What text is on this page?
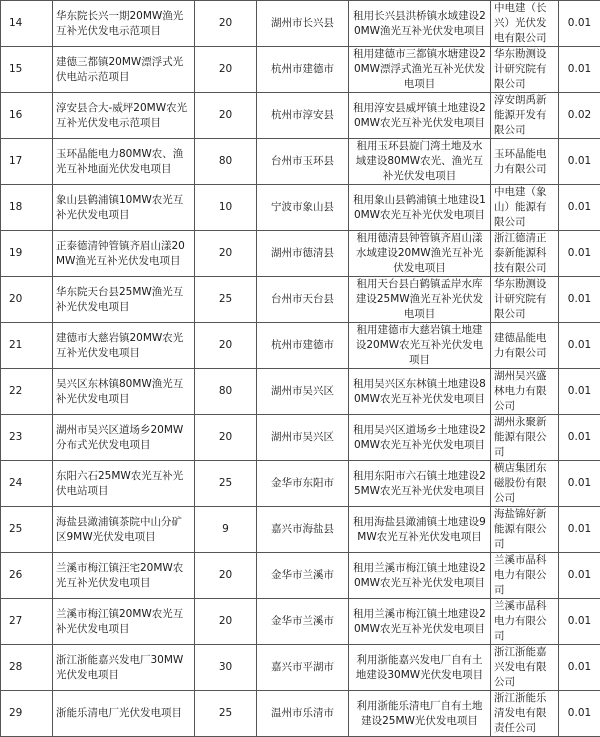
14	华东院长兴一期20MW渔光互补光伏发电示范项目	20	湖州市长兴县	租用长兴县洪桥镇水域建设20MW渔光互补光伏发电项目	中电建（长兴）光伏发电有限公司	0.01
15	建德三都镇20MW漂浮式光伏电站示范项目	20	杭州市建德市	租用建德市三都镇水塘建设20MW漂浮式渔光互补光伏发电项目	华东勘测设计研究院有限公司	0.01
16	淳安县合大-威坪20MW农光互补光伏发电示范项目	20	杭州市淳安县	租用淳安县威坪镇土地建设20MW农光互补光伏发电项目	淳安朗禹新能源开发有限公司	0.02
17	玉环晶能电力80MW农、渔光互补地面光伏发电项目	80	台州市玉环县	租用玉环县旋门湾土地及水域建设80MW农光、渔光互补光伏发电项目	玉环晶能电力有限公司	0.01
18	象山县鹤浦镇10MW农光互补光伏发电项目	10	宁波市象山县	租用象山县鹤浦镇土地建设10MW农光互补光伏发电项目	中电建（象山）能源有限公司	0.01
19	正泰德清钟管镇齐眉山漾20MW渔光互补光伏发电项目	20	湖州市德清县	租用德清县钟管镇齐眉山漾水域建设20MW渔光互补光伏发电项目	浙江德清正泰新能源科技有限公司	0.01
20	华东院天台县25MW渔光互补光伏发电项目	25	台州市天台县	租用天台县白鹤镇孟岸水库建设25MW渔光互补光伏发电项目	华东勘测设计研究院有限公司	0.01
21	建德市大慈岩镇20MW农光互补光伏发电项目	20	杭州市建德市	租用建德市大慈岩镇土地建设20MW农光互补光伏发电项目	建德晶能电力有限公司	0.01
22	吴兴区东林镇80MW渔光互补光伏发电项目	80	湖州市吴兴区	租用吴兴区东林镇土地建设80MW农光互补光伏发电项目	湖州吴兴盛林电力有限公司	0.01
23	湖州市吴兴区道场乡20MW分布式光伏发电项目	20	湖州市吴兴区	租用吴兴区道场乡土地建设20MW农光互补光伏发电项目	湖州永聚新能源有限公司	0.01
24	东阳六石25MW农光互补光伏电站项目	25	金华市东阳市	租用东阳市六石镇土地建设25MW农光互补光伏发电项目	横店集团东磁股份有限公司	0.01
25	海盐县澉浦镇茶院中山分矿区9MW光伏发电项目	9	嘉兴市海盐县	租用海盐县澉浦镇土地建设9MW农光互补光伏发电项目	海盐锦好新能源有限公司	0.01
26	兰溪市梅江镇汪宅20MW农光互补光伏发电项目	20	金华市兰溪市	租用兰溪市梅江镇土地建设20MW农光互补光伏发电项目	兰溪市晶科电力有限公司	0.01
27	兰溪市梅江镇20MW农光互补光伏发电项目	20	金华市兰溪市	租用兰溪市梅江镇土地建设20MW农光互补光伏发电项目	兰溪市晶科电力有限公司	0.01
28	浙江浙能嘉兴发电厂30MW光伏发电项目	30	嘉兴市平湖市	利用浙能嘉兴发电厂自有土地建设30MW光伏发电项目	浙江浙能嘉兴发电有限公司	0.01
29	浙能乐清电厂光伏发电项目	25	温州市乐清市	利用浙能乐清电厂自有土地建设25MW光伏发电项目	浙江浙能乐清发电有限责任公司	0.01
